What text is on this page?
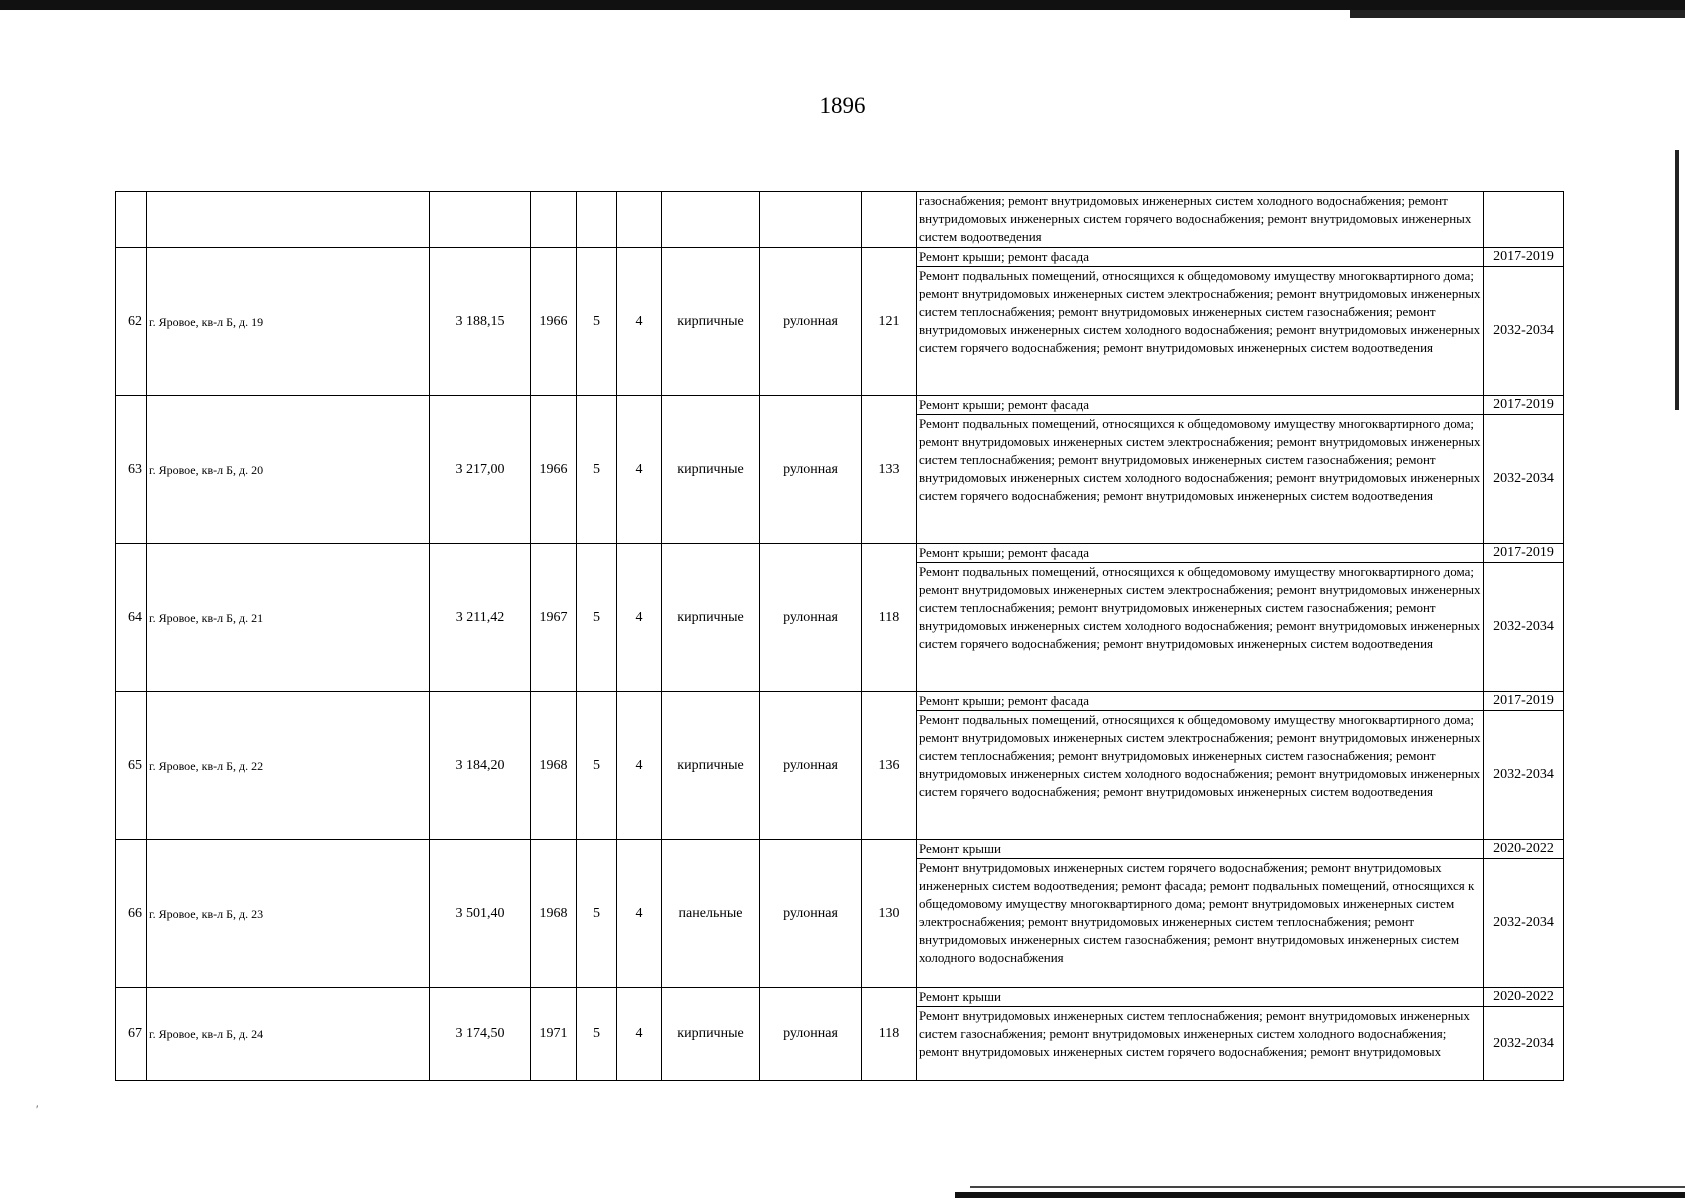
′
1896
									газоснабжения; ремонт внутридомовых инженерных систем холодного водоснабжения; ремонт внутридомовых инженерных систем горячего водоснабжения; ремонт внутридомовых инженерных систем водоотведения	
62	г. Яровое, кв-л Б, д. 19	3 188,15	1966	5	4	кирпичные	рулонная	121	Ремонт крыши; ремонт фасада	2017-2019
									Ремонт подвальных помещений, относящихся к общедомовому имуществу многоквартирного дома; ремонт внутридомовых инженерных систем электроснабжения; ремонт внутридомовых инженерных систем теплоснабжения; ремонт внутридомовых инженерных систем газоснабжения; ремонт внутридомовых инженерных систем холодного водоснабжения; ремонт внутридомовых инженерных систем горячего водоснабжения; ремонт внутридомовых инженерных систем водоотведения	2032-2034
63	г. Яровое, кв-л Б, д. 20	3 217,00	1966	5	4	кирпичные	рулонная	133	Ремонт крыши; ремонт фасада	2017-2019
									Ремонт подвальных помещений, относящихся к общедомовому имуществу многоквартирного дома; ремонт внутридомовых инженерных систем электроснабжения; ремонт внутридомовых инженерных систем теплоснабжения; ремонт внутридомовых инженерных систем газоснабжения; ремонт внутридомовых инженерных систем холодного водоснабжения; ремонт внутридомовых инженерных систем горячего водоснабжения; ремонт внутридомовых инженерных систем водоотведения	2032-2034
64	г. Яровое, кв-л Б, д. 21	3 211,42	1967	5	4	кирпичные	рулонная	118	Ремонт крыши; ремонт фасада	2017-2019
									Ремонт подвальных помещений, относящихся к общедомовому имуществу многоквартирного дома; ремонт внутридомовых инженерных систем электроснабжения; ремонт внутридомовых инженерных систем теплоснабжения; ремонт внутридомовых инженерных систем газоснабжения; ремонт внутридомовых инженерных систем холодного водоснабжения; ремонт внутридомовых инженерных систем горячего водоснабжения; ремонт внутридомовых инженерных систем водоотведения	2032-2034
65	г. Яровое, кв-л Б, д. 22	3 184,20	1968	5	4	кирпичные	рулонная	136	Ремонт крыши; ремонт фасада	2017-2019
									Ремонт подвальных помещений, относящихся к общедомовому имуществу многоквартирного дома; ремонт внутридомовых инженерных систем электроснабжения; ремонт внутридомовых инженерных систем теплоснабжения; ремонт внутридомовых инженерных систем газоснабжения; ремонт внутридомовых инженерных систем холодного водоснабжения; ремонт внутридомовых инженерных систем горячего водоснабжения; ремонт внутридомовых инженерных систем водоотведения	2032-2034
66	г. Яровое, кв-л Б, д. 23	3 501,40	1968	5	4	панельные	рулонная	130	Ремонт крыши	2020-2022
									Ремонт внутридомовых инженерных систем горячего водоснабжения; ремонт внутридомовых инженерных систем водоотведения; ремонт фасада; ремонт подвальных помещений, относящихся к общедомовому имуществу многоквартирного дома; ремонт внутридомовых инженерных систем электроснабжения; ремонт внутридомовых инженерных систем теплоснабжения; ремонт внутридомовых инженерных систем газоснабжения; ремонт внутридомовых инженерных систем холодного водоснабжения	2032-2034
67	г. Яровое, кв-л Б, д. 24	3 174,50	1971	5	4	кирпичные	рулонная	118	Ремонт крыши	2020-2022
									Ремонт внутридомовых инженерных систем теплоснабжения; ремонт внутридомовых инженерных систем газоснабжения; ремонт внутридомовых инженерных систем холодного водоснабжения; ремонт внутридомовых инженерных систем горячего водоснабжения; ремонт внутридомовых	2032-2034
